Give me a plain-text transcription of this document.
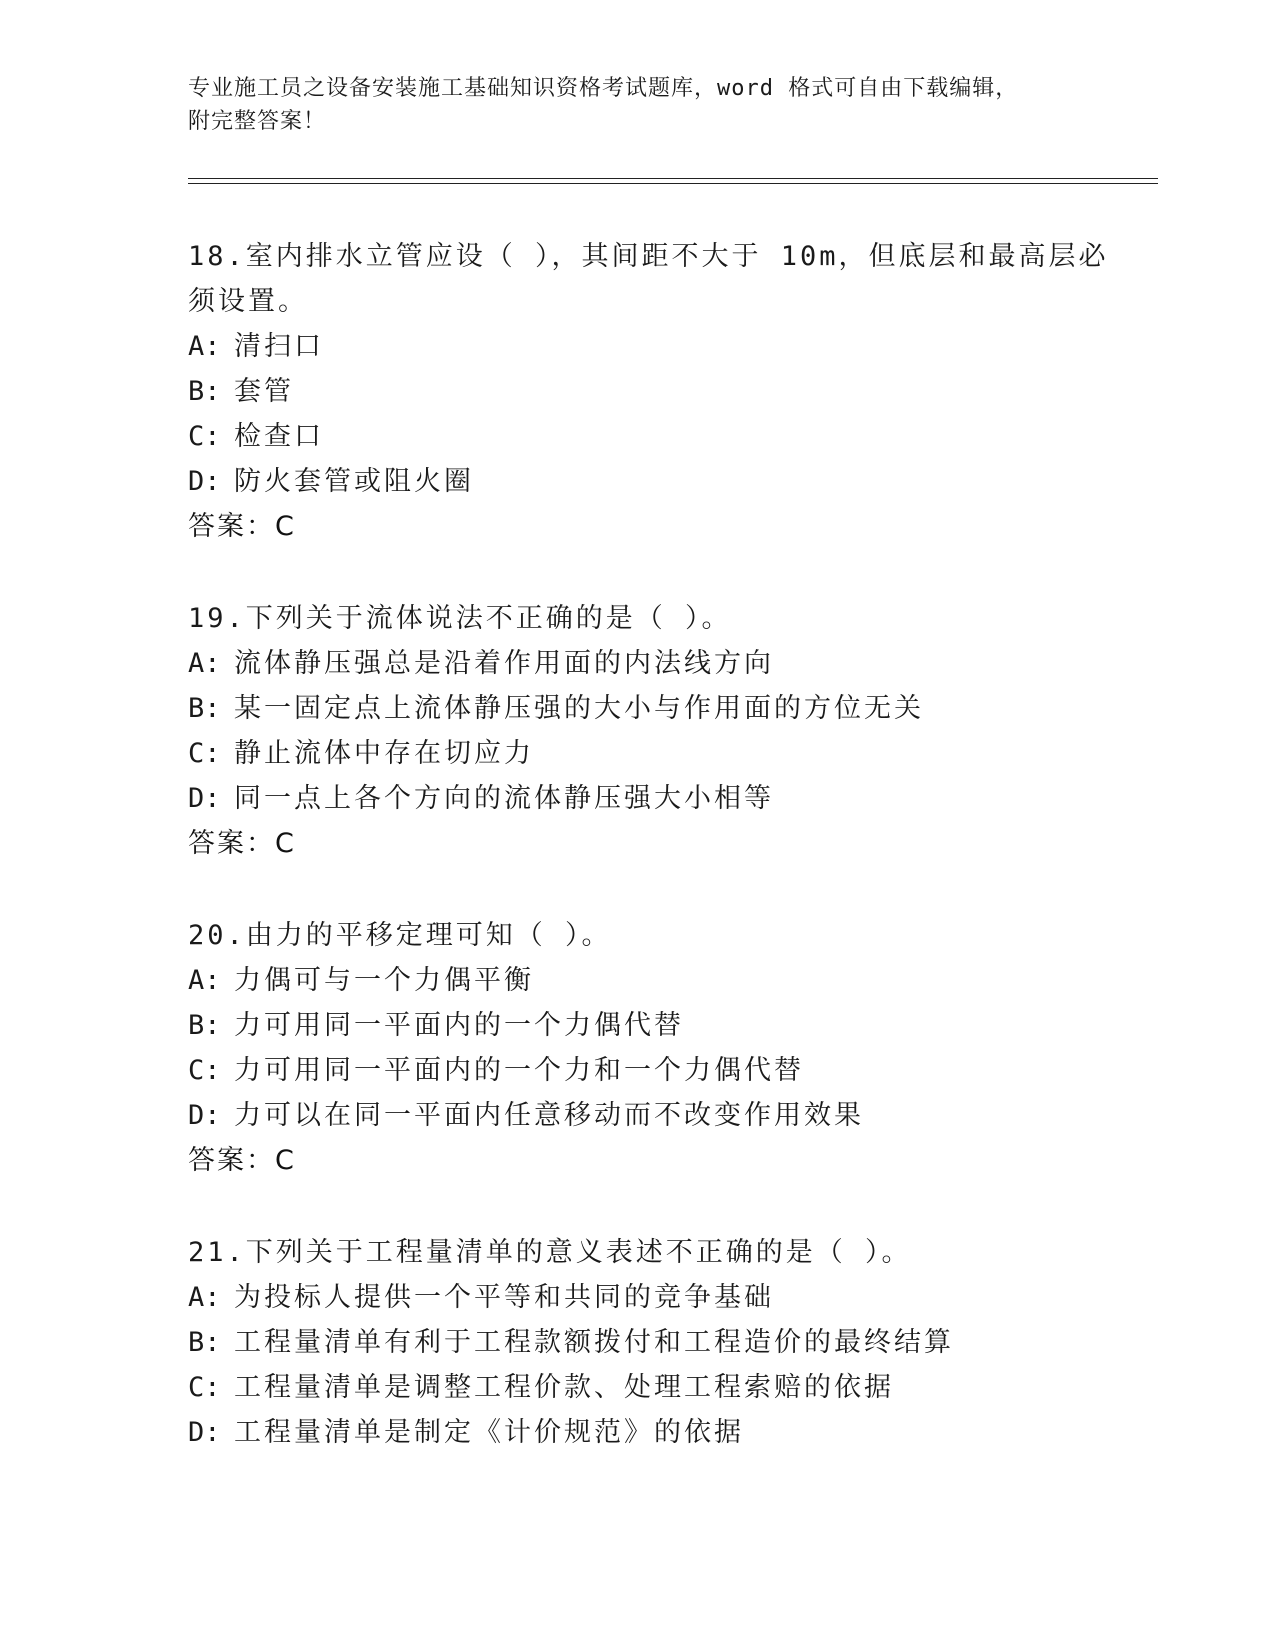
专业施工员之设备安装施工基础知识资格考试题库，word 格式可自由下载编辑，
附完整答案！

18.室内排水立管应设（ ），其间距不大于 10m，但底层和最高层必须设置。

A: 清扫口

B: 套管

C: 检查口

D: 防火套管或阻火圈

答案：C

19.下列关于流体说法不正确的是（ ）。

A: 流体静压强总是沿着作用面的内法线方向

B: 某一固定点上流体静压强的大小与作用面的方位无关

C: 静止流体中存在切应力

D: 同一点上各个方向的流体静压强大小相等

答案：C

20.由力的平移定理可知（ ）。

A: 力偶可与一个力偶平衡

B: 力可用同一平面内的一个力偶代替

C: 力可用同一平面内的一个力和一个力偶代替

D: 力可以在同一平面内任意移动而不改变作用效果

答案：C

21.下列关于工程量清单的意义表述不正确的是（ ）。

A: 为投标人提供一个平等和共同的竞争基础

B: 工程量清单有利于工程款额拨付和工程造价的最终结算

C: 工程量清单是调整工程价款、处理工程索赔的依据

D: 工程量清单是制定《计价规范》的依据
